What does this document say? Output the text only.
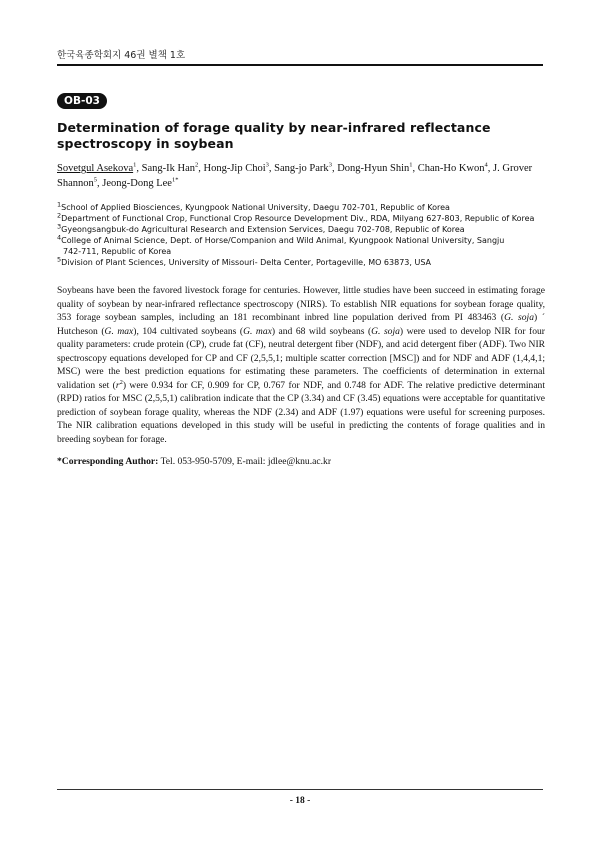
한국육종학회지 46권 별책 1호
OB-03
Determination of forage quality by near-infrared reflectance spectroscopy in soybean
Sovetgul Asekova$^1$, Sang-Ik Han$^2$, Hong-Jip Choi$^3$, Sang-jo Park$^3$, Dong-Hyun Shin$^1$, Chan-Ho Kwon$^4$, J. Grover Shannon$^5$, Jeong-Dong Lee$^{1*}$
$^1$School of Applied Biosciences, Kyungpook National University, Daegu 702-701, Republic of Korea
$^2$Department of Functional Crop, Functional Crop Resource Development Div., RDA, Milyang 627-803, Republic of Korea
$^3$Gyeongsangbuk-do Agricultural Research and Extension Services, Daegu 702-708, Republic of Korea
$^4$College of Animal Science, Dept. of Horse/Companion and Wild Animal, Kyungpook National University, Sangju
742-711, Republic of Korea
$^5$Division of Plant Sciences, University of Missouri- Delta Center, Portageville, MO 63873, USA
Soybeans have been the favored livestock forage for centuries. However, little studies have been succeed in estimating forage quality of soybean by near-infrared reflectance spectroscopy (NIRS). To establish NIR equations for soybean forage quality, 353 forage soybean samples, including an 181 recombinant inbred line population derived from PI 483463 (G. soja) ´ Hutcheson (G. max), 104 cultivated soybeans (G. max) and 68 wild soybeans (G. soja) were used to develop NIR for four quality parameters: crude protein (CP), crude fat (CF), neutral detergent fiber (NDF), and acid detergent fiber (ADF). Two NIR spectroscopy equations developed for CP and CF (2,5,5,1; multiple scatter correction [MSC]) and for NDF and ADF (1,4,4,1; MSC) were the best prediction equations for estimating these parameters. The coefficients of determination in external validation set $(r^2)$ were 0.934 for CF, 0.909 for CP, 0.767 for NDF, and 0.748 for ADF. The relative predictive determinant (RPD) ratios for MSC (2,5,5,1) calibration indicate that the CP (3.34) and CF (3.45) equations were acceptable for quantitative prediction of soybean forage quality, whereas the NDF (2.34) and ADF (1.97) equations were useful for screening purposes. The NIR calibration equations developed in this study will be useful in predicting the contents of forage qualities and in breeding soybean for forage.
*Corresponding Author: Tel. 053-950-5709, E-mail: jdlee@knu.ac.kr
- 18 -
